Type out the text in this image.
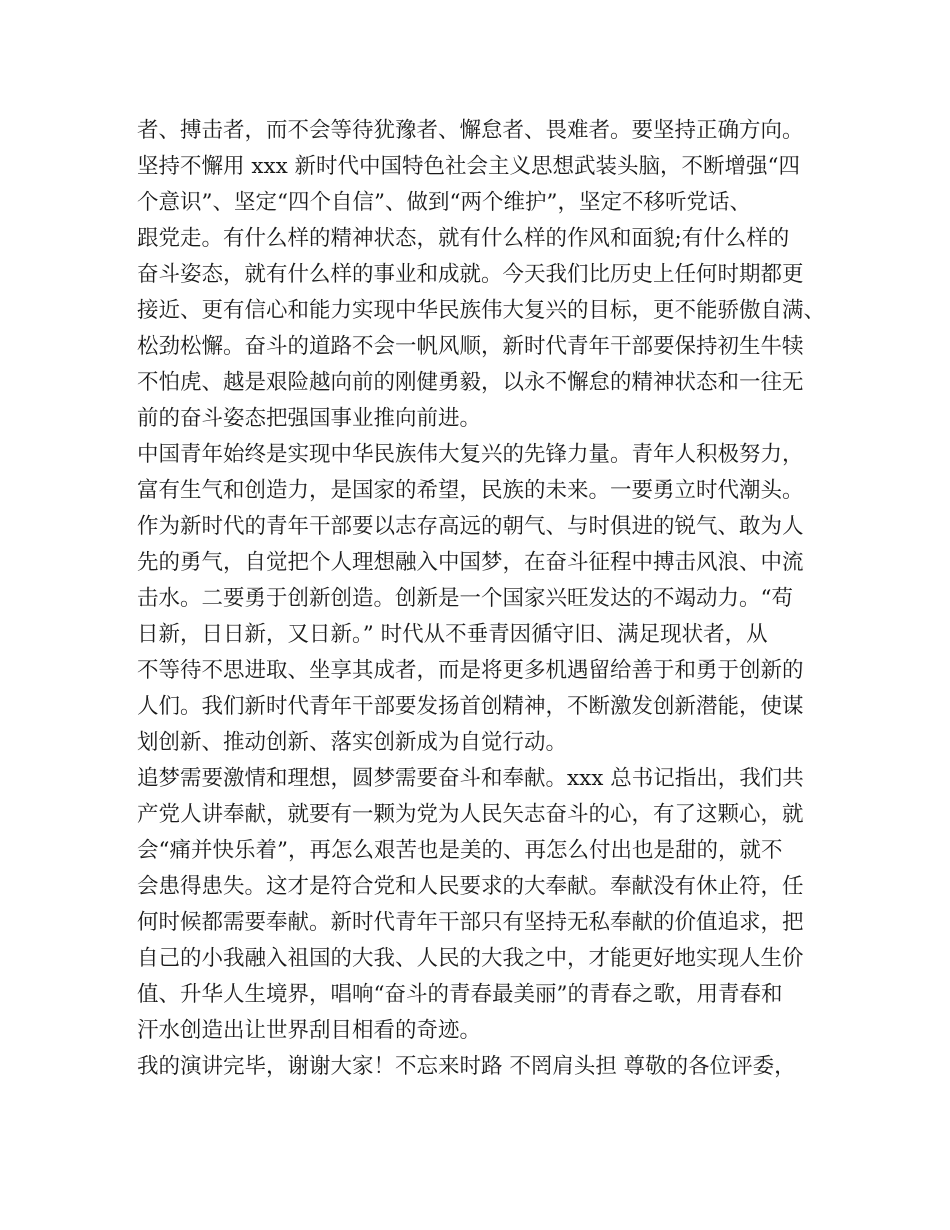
者、搏击者，而不会等待犹豫者、懈怠者、畏难者。要坚持正确方向。
坚持不懈用 xxx 新时代中国特色社会主义思想武装头脑，不断增强“四
个意识”、坚定“四个自信”、做到“两个维护”，坚定不移听党话、
跟党走。有什么样的精神状态，就有什么样的作风和面貌;有什么样的
奋斗姿态，就有什么样的事业和成就。今天我们比历史上任何时期都更
接近、更有信心和能力实现中华民族伟大复兴的目标，更不能骄傲自满、
松劲松懈。奋斗的道路不会一帆风顺，新时代青年干部要保持初生牛犊
不怕虎、越是艰险越向前的刚健勇毅，以永不懈怠的精神状态和一往无
前的奋斗姿态把强国事业推向前进。
中国青年始终是实现中华民族伟大复兴的先锋力量。青年人积极努力，
富有生气和创造力，是国家的希望，民族的未来。一要勇立时代潮头。
作为新时代的青年干部要以志存高远的朝气、与时俱进的锐气、敢为人
先的勇气，自觉把个人理想融入中国梦，在奋斗征程中搏击风浪、中流
击水。二要勇于创新创造。创新是一个国家兴旺发达的不竭动力。“苟
日新，日日新，又日新。” 时代从不垂青因循守旧、满足现状者，从
不等待不思进取、坐享其成者，而是将更多机遇留给善于和勇于创新的
人们。我们新时代青年干部要发扬首创精神，不断激发创新潜能，使谋
划创新、推动创新、落实创新成为自觉行动。
追梦需要激情和理想，圆梦需要奋斗和奉献。xxx 总书记指出，我们共
产党人讲奉献，就要有一颗为党为人民矢志奋斗的心，有了这颗心，就
会“痛并快乐着”，再怎么艰苦也是美的、再怎么付出也是甜的，就不
会患得患失。这才是符合党和人民要求的大奉献。奉献没有休止符，任
何时候都需要奉献。新时代青年干部只有坚持无私奉献的价值追求，把
自己的小我融入祖国的大我、人民的大我之中，才能更好地实现人生价
值、升华人生境界，唱响“奋斗的青春最美丽”的青春之歌，用青春和
汗水创造出让世界刮目相看的奇迹。
我的演讲完毕，谢谢大家！不忘来时路 不罔肩头担 尊敬的各位评委，
